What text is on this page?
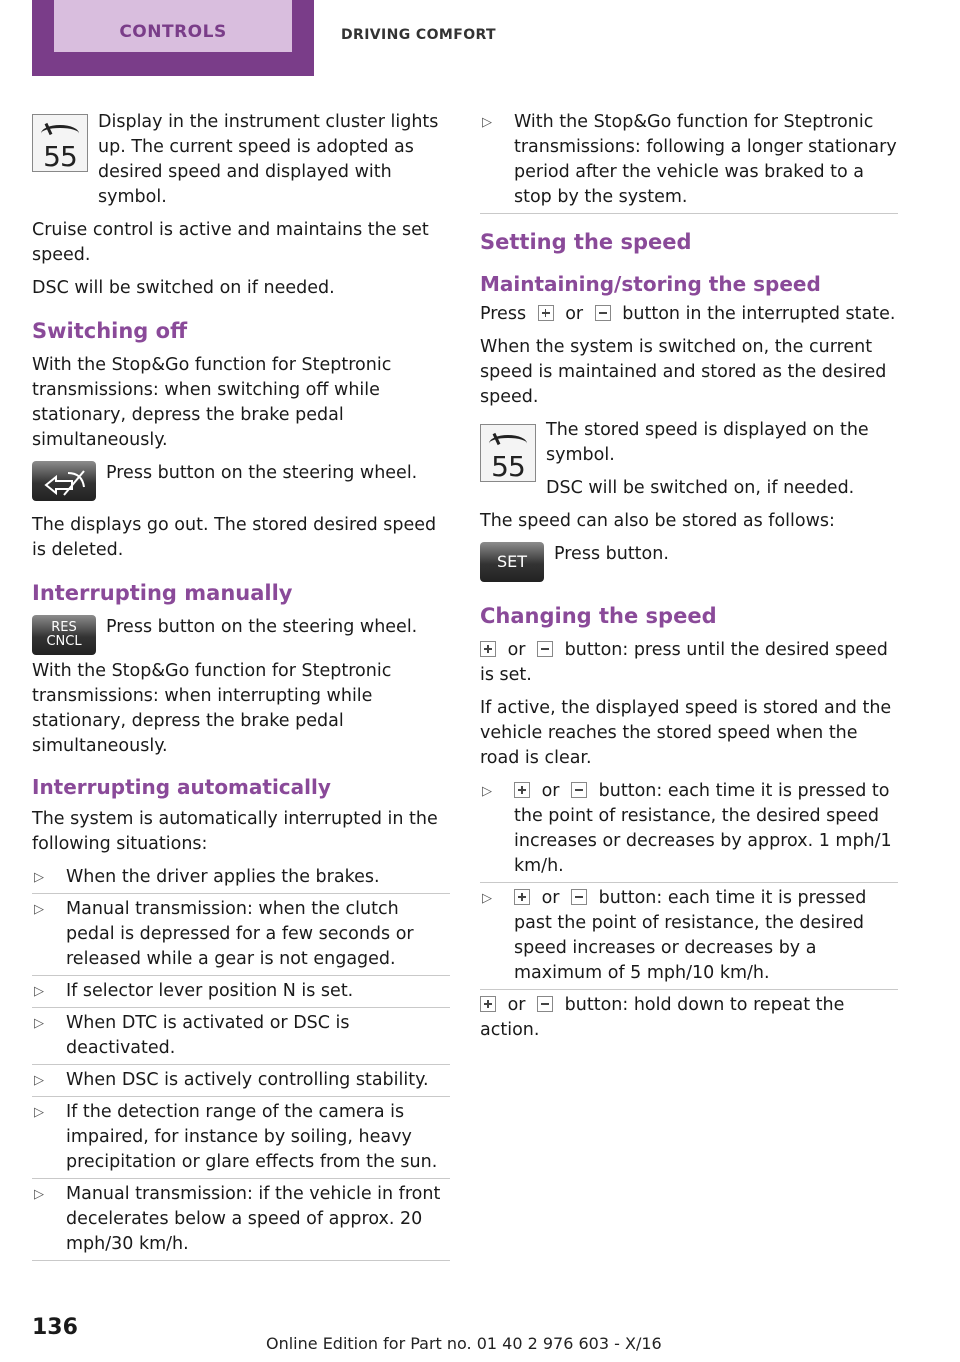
CONTROLS	DRIVING COMFORT
55

Display in the instrument cluster lights up. The current speed is adopted as desired speed and displayed with symbol.

Cruise control is active and maintains the set speed.

DSC will be switched on if needed.

Switching off

With the Stop&Go function for Steptronic transmissions: when switching off while stationary, depress the brake pedal simultaneously.

Press button on the steering wheel.

The displays go out. The stored desired speed is deleted.

Interrupting manually
RES
CNCL

Press button on the steering wheel.

With the Stop&Go function for Steptronic transmissions: when interrupting while stationary, depress the brake pedal simultaneously.

Interrupting automatically

The system is automatically interrupted in the following situations:

▷ When the driver applies the brakes.
▷ Manual transmission: when the clutch pedal is depressed for a few seconds or released while a gear is not engaged.
▷ If selector lever position N is set.
▷ When DTC is activated or DSC is deactivated.
▷ When DSC is actively controlling stability.
▷ If the detection range of the camera is impaired, for instance by soiling, heavy precipitation or glare effects from the sun.
▷ Manual transmission: if the vehicle in front decelerates below a speed of approx. 20 mph/30 km/h.
▷ With the Stop&Go function for Steptronic transmissions: following a longer stationary period after the vehicle was braked to a stop by the system.
Setting the speed
Maintaining/storing the speed

Press or button in the interrupted state.

When the system is switched on, the current speed is maintained and stored as the desired speed.

55

The stored speed is displayed on the symbol.

DSC will be switched on, if needed.

The speed can also be stored as follows:

SET	Press button.

Changing the speed

or button: press until the desired speed is set.

If active, the displayed speed is stored and the vehicle reaches the stored speed when the road is clear.

▷ or button: each time it is pressed to the point of resistance, the desired speed increases or decreases by approx. 1 mph/1 km/h.
▷ or button: each time it is pressed past the point of resistance, the desired speed increases or decreases by a maximum of 5 mph/10 km/h.

or button: hold down to repeat the action.

136
Online Edition for Part no. 01 40 2 976 603 - X/16
